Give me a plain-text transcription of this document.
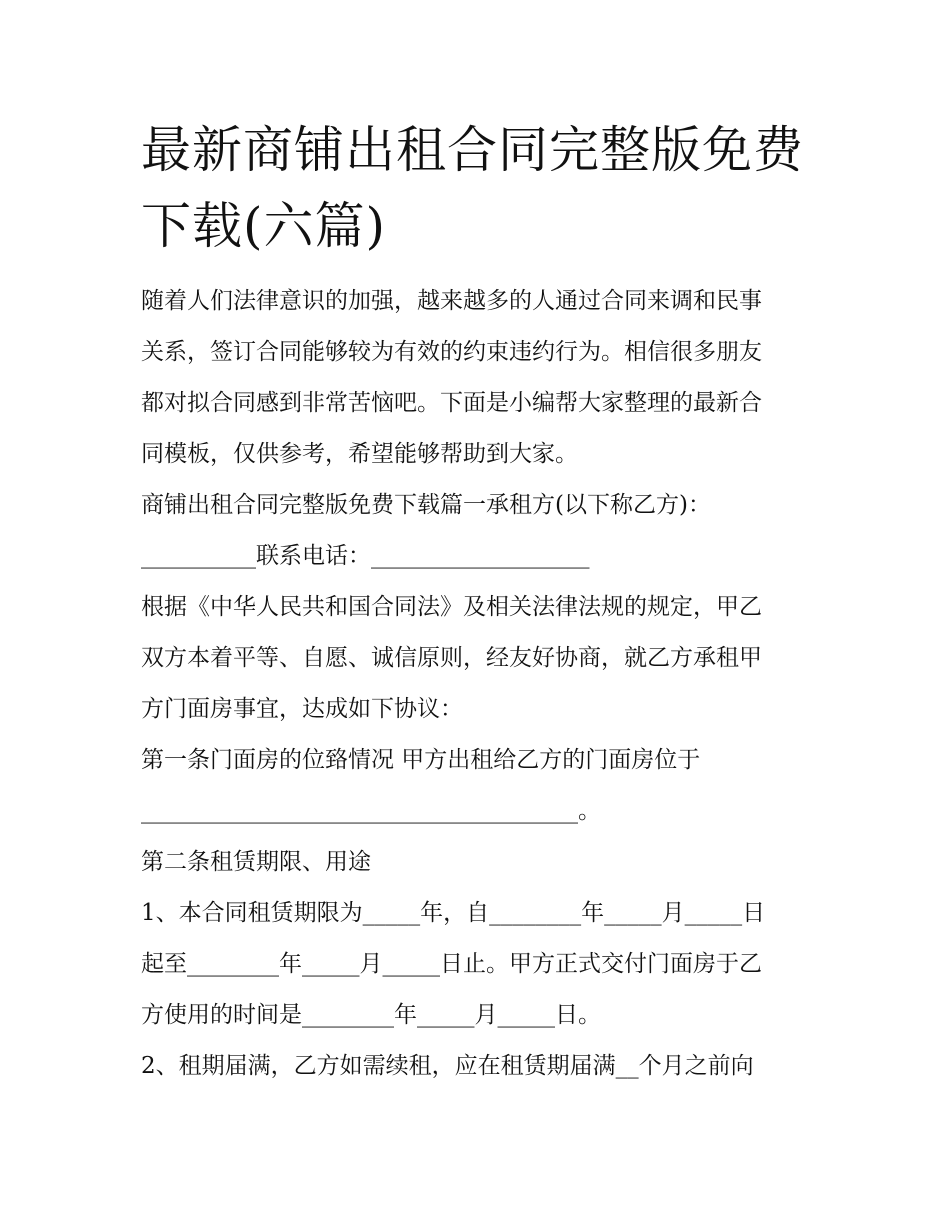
最新商铺出租合同完整版免费
下载(六篇)

随着人们法律意识的加强，越来越多的人通过合同来调和民事

关系，签订合同能够较为有效的约束违约行为。相信很多朋友

都对拟合同感到非常苦恼吧。下面是小编帮大家整理的最新合

同模板，仅供参考，希望能够帮助到大家。

商铺出租合同完整版免费下载篇一承租方(以下称乙方)：

__________联系电话：___________________

根据《中华人民共和国合同法》及相关法律法规的规定，甲乙

双方本着平等、自愿、诚信原则，经友好协商，就乙方承租甲

方门面房事宜，达成如下协议：

第一条门面房的位臵情况 甲方出租给乙方的门面房位于

______________________________________。

第二条租赁期限、用途

1、本合同租赁期限为_____年，自________年_____月_____日

起至________年_____月_____日止。甲方正式交付门面房于乙

方使用的时间是________年_____月_____日。

2、租期届满，乙方如需续租，应在租赁期届满__个月之前向
